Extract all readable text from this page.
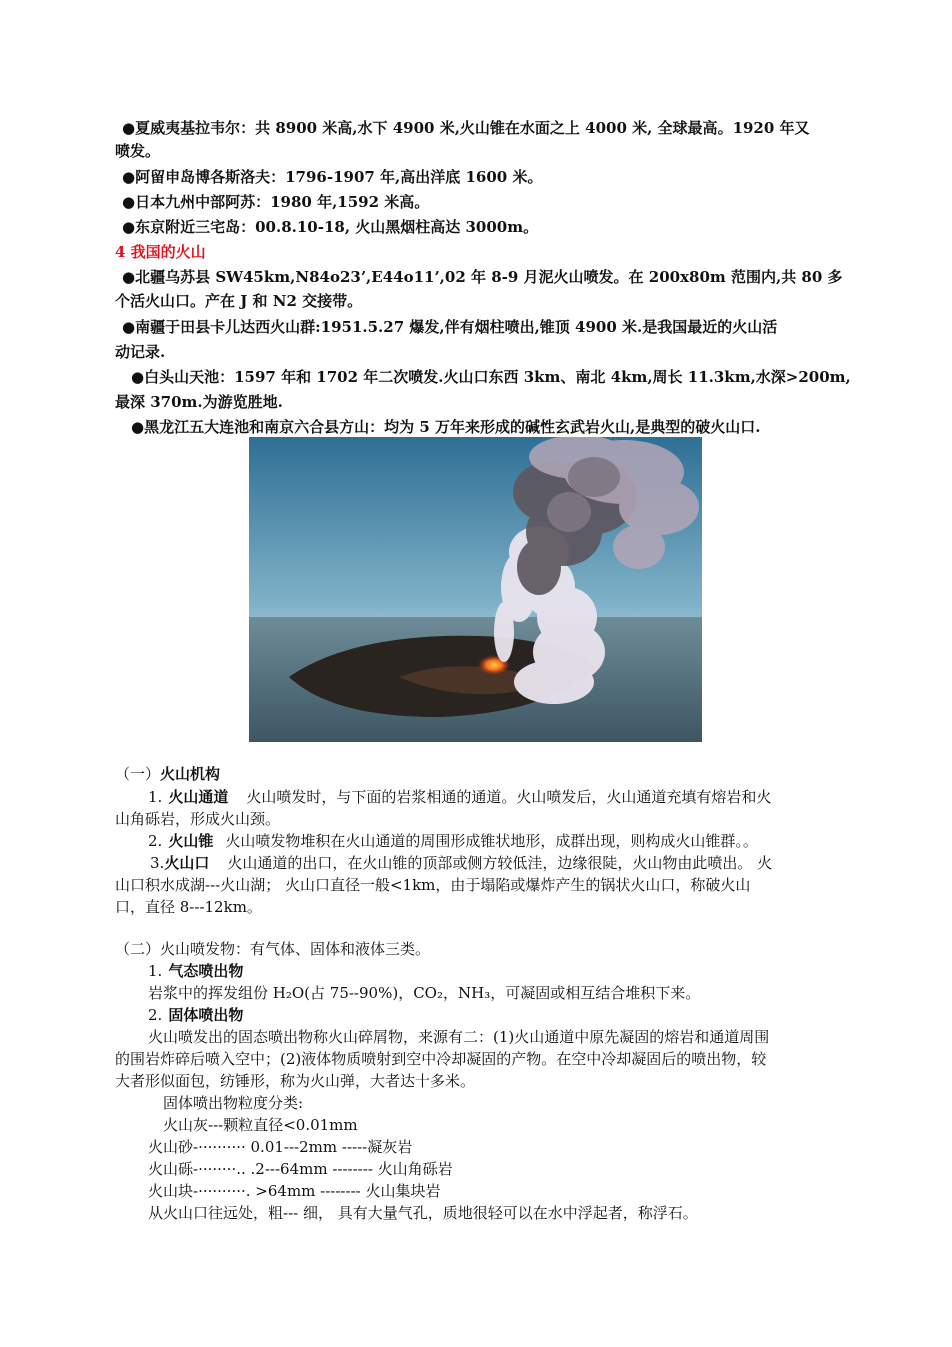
●夏威夷基拉韦尔：共 8900 米高,水下 4900 米,火山锥在水面之上 4000 米, 全球最高。1920 年又
喷发。
●阿留申岛博各斯洛夫：1796-1907 年,高出洋底 1600 米。
●日本九州中部阿苏：1980 年,1592 米高。
●东京附近三宅岛：00.8.10-18, 火山黑烟柱高达 3000m。
4 我国的火山
●北疆乌苏县 SW45km,N84o23’,E44o11’,02 年 8-9 月泥火山喷发。在 200x80m 范围内,共 80 多
个活火山口。产在 J 和 N2 交接带。
●南疆于田县卡儿达西火山群:1951.5.27 爆发,伴有烟柱喷出,锥顶 4900 米.是我国最近的火山活
动记录.
●白头山天池：1597 年和 1702 年二次喷发.火山口东西 3km、南北 4km,周长 11.3km,水深>200m,
最深 370m.为游览胜地.
●黑龙江五大连池和南京六合县方山：均为 5 万年来形成的碱性玄武岩火山,是典型的破火山口.
（一）火山机构
1. 火山通道 火山喷发时，与下面的岩浆相通的通道。火山喷发后，火山通道充填有熔岩和火
山角砾岩，形成火山颈。
2. 火山锥 火山喷发物堆积在火山通道的周围形成锥状地形，成群出现，则构成火山锥群。。
3.火山口 火山通道的出口，在火山锥的顶部或侧方较低洼，边缘很陡，火山物由此喷出。 火
山口积水成湖---火山湖； 火山口直径一般<1km，由于塌陷或爆炸产生的锅状火山口，称破火山
口，直径 8---12km。
（二）火山喷发物：有气体、固体和液体三类。
1. 气态喷出物
岩浆中的挥发组份 H₂O(占 75--90%)，CO₂，NH₃，可凝固或相互结合堆积下来。
2. 固体喷出物
火山喷发出的固态喷出物称火山碎屑物，来源有二：(1)火山通道中原先凝固的熔岩和通道周围
的围岩炸碎后喷入空中；(2)液体物质喷射到空中冷却凝固的产物。在空中冷却凝固后的喷出物，较
大者形似面包，纺锤形，称为火山弹，大者达十多米。
固体喷出物粒度分类:
火山灰---颗粒直径<0.01mm
火山砂-·········· 0.01---2mm -----凝灰岩
火山砾-········.. .2---64mm -------- 火山角砾岩
火山块-··········. >64mm -------- 火山集块岩
从火山口往远处，粗--- 细， 具有大量气孔，质地很轻可以在水中浮起者，称浮石。
